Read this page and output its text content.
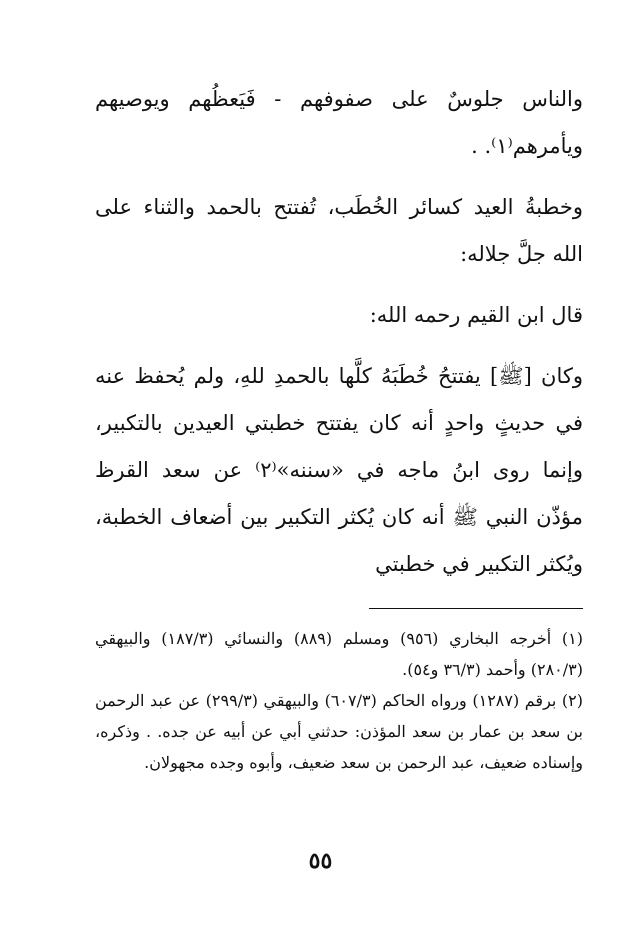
والناس جلوسٌ على صفوفهم - فَيَعظُهم ويوصيهم ويأمرهم⁽١⁾. .

وخطبةُ العيد كسائر الخُطَب، تُفتتح بالحمد والثناء على الله جلَّ جلاله:

قال ابن القيم رحمه الله:

وكان [ﷺ] يفتتحُ خُطَبَهُ كلَّها بالحمدِ للهِ، ولم يُحفظ عنه في حديثٍ واحدٍ أنه كان يفتتح خطبتي العيدين بالتكبير، وإنما روى ابنُ ماجه في «سننه»⁽٢⁾ عن سعد القرظ مؤذّن النبي ﷺ أنه كان يُكثر التكبير بين أضعاف الخطبة، ويُكثر التكبير في خطبتي

(١) أخرجه البخاري (٩٥٦) ومسلم (٨٨٩) والنسائي (١٨٧/٣) والبيهقي (٢٨٠/٣) وأحمد (٣٦/٣ و٥٤).

(٢) برقم (١٢٨٧) ورواه الحاكم (٦٠٧/٣) والبيهقي (٢٩٩/٣) عن عبد الرحمن بن سعد بن عمار بن سعد المؤذن: حدثني أبي عن أبيه عن جده. . وذكره، وإسناده ضعيف، عبد الرحمن بن سعد ضعيف، وأبوه وجده مجهولان.

٥٥
